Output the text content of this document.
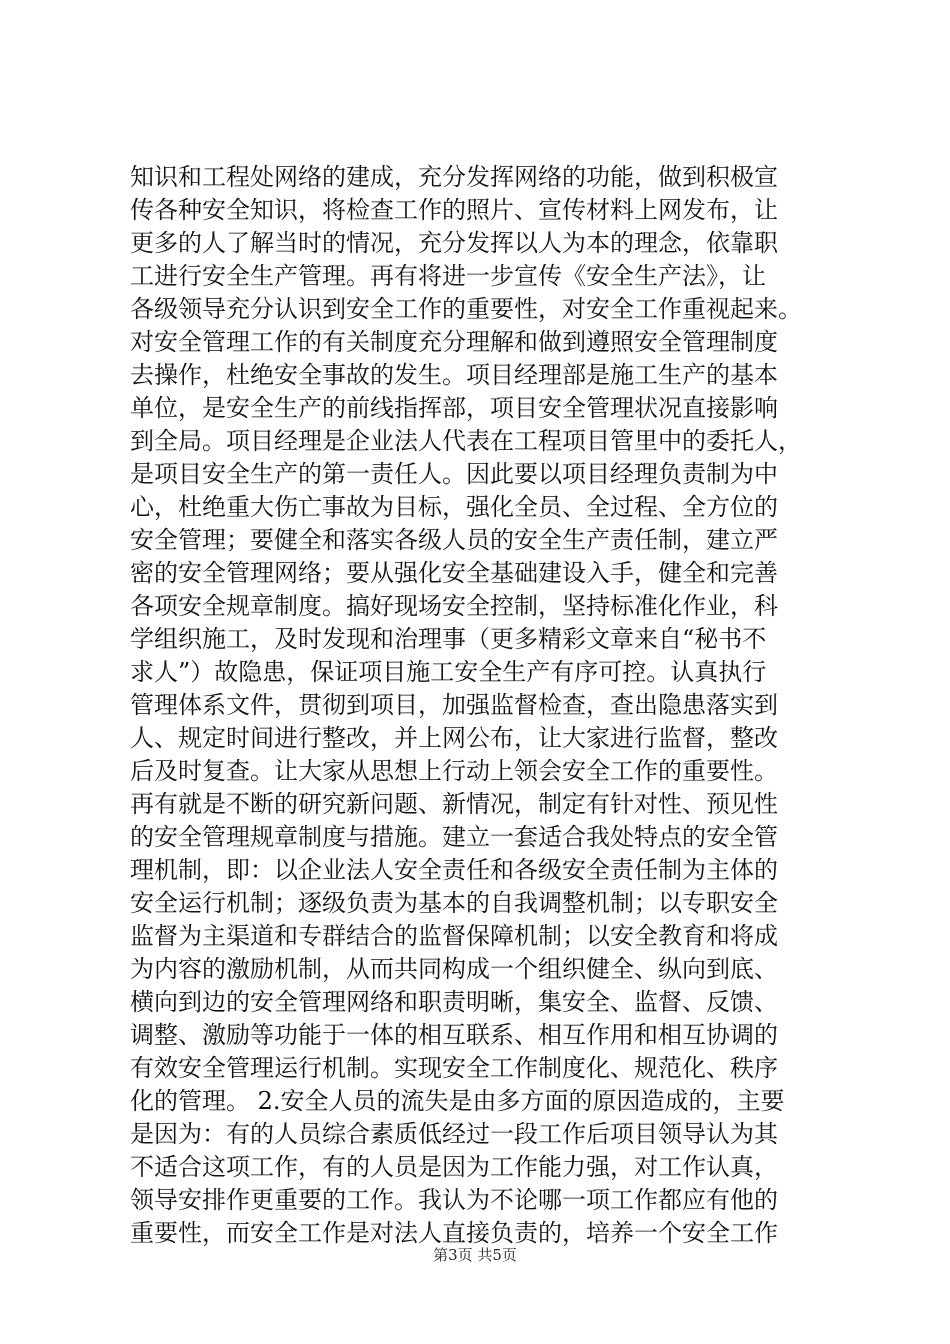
知识和工程处网络的建成，充分发挥网络的功能，做到积极宣
传各种安全知识，将检查工作的照片、宣传材料上网发布，让
更多的人了解当时的情况，充分发挥以人为本的理念，依靠职
工进行安全生产管理。再有将进一步宣传《安全生产法》，让
各级领导充分认识到安全工作的重要性，对安全工作重视起来。
对安全管理工作的有关制度充分理解和做到遵照安全管理制度
去操作，杜绝安全事故的发生。项目经理部是施工生产的基本
单位，是安全生产的前线指挥部，项目安全管理状况直接影响
到全局。项目经理是企业法人代表在工程项目管里中的委托人，
是项目安全生产的第一责任人。因此要以项目经理负责制为中
心，杜绝重大伤亡事故为目标，强化全员、全过程、全方位的
安全管理；要健全和落实各级人员的安全生产责任制，建立严
密的安全管理网络；要从强化安全基础建设入手，健全和完善
各项安全规章制度。搞好现场安全控制，坚持标准化作业，科
学组织施工，及时发现和治理事（更多精彩文章来自“秘书不
求人”）故隐患，保证项目施工安全生产有序可控。认真执行
管理体系文件，贯彻到项目，加强监督检查，查出隐患落实到
人、规定时间进行整改，并上网公布，让大家进行监督，整改
后及时复查。让大家从思想上行动上领会安全工作的重要性。
再有就是不断的研究新问题、新情况，制定有针对性、预见性
的安全管理规章制度与措施。建立一套适合我处特点的安全管
理机制，即：以企业法人安全责任和各级安全责任制为主体的
安全运行机制；逐级负责为基本的自我调整机制；以专职安全
监督为主渠道和专群结合的监督保障机制；以安全教育和将成
为内容的激励机制，从而共同构成一个组织健全、纵向到底、
横向到边的安全管理网络和职责明晰，集安全、监督、反馈、
调整、激励等功能于一体的相互联系、相互作用和相互协调的
有效安全管理运行机制。实现安全工作制度化、规范化、秩序
化的管理。 2.安全人员的流失是由多方面的原因造成的，主要
是因为：有的人员综合素质低经过一段工作后项目领导认为其
不适合这项工作，有的人员是因为工作能力强，对工作认真，
领导安排作更重要的工作。我认为不论哪一项工作都应有他的
重要性，而安全工作是对法人直接负责的，培养一个安全工作
第3页 共5页
